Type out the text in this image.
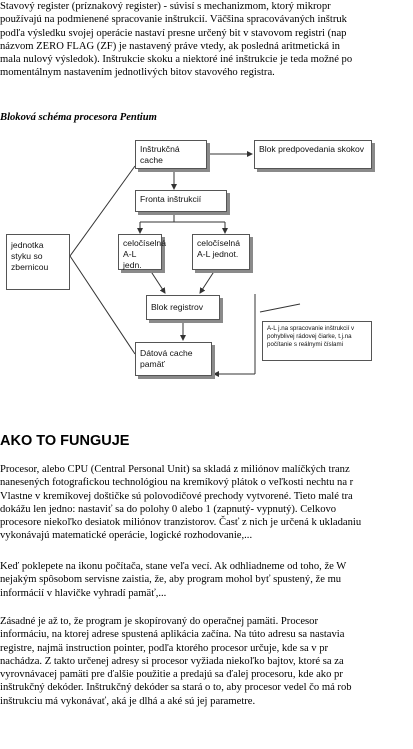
Stavový register (príznakový register) - súvisí s mechanizmom, ktorý mikropr
používajú na podmienené spracovanie inštrukcií. Väčšina spracovávaných inštruk
podľa výsledku svojej operácie nastaví presne určený bit v stavovom registri (nap
názvom ZERO FLAG (ZF) je nastavený práve vtedy, ak posledná aritmetická in
mala nulový výsledok). Inštrukcie skoku a niektoré iné inštrukcie je teda možné po
momentálnym nastavením jednotlivých bitov stavového registra.
Bloková schéma procesora Pentium
Inštrukčná cache
Blok predpovedania skokov
Fronta inštrukcií
jednotka styku so zbernicou
celočíselná A-L jedn.
celočíselná A-L jednot.
Blok registrov
A-L j.na spracovanie inštrukcií v pohyblivej rádovej čiarke, t.j.na počítanie s reálnymi číslami
Dátová cache pamäť
AKO TO FUNGUJE
Procesor, alebo CPU (Central Personal Unit) sa skladá z miliónov malíčkých tranz
nanesených fotografickou technológiou na kremíkový plátok o veľkosti nechtu na r
Vlastne v kremíkovej doštičke sú polovodičové prechody vytvorené. Tieto malé tra
dokážu len jedno: nastaviť sa do polohy 0 alebo 1 (zapnutý- vypnutý). Celkovo
procesore niekoľko desiatok miliónov tranzistorov. Časť z nich je určená k ukladaniu
vykonávajú matematické operácie, logické rozhodovanie,...
Keď poklepete na ikonu počítača, stane veľa vecí. Ak odhliadneme od toho, že W
nejakým spôsobom servisne zaistia, že, aby program mohol byť spustený, že mu
informácií v hlavičke vyhradí pamäť,...
Zásadné je až to, že program je skopírovaný do operačnej pamäti. Procesor
informáciu, na ktorej adrese spustená aplikácia začína. Na túto adresu sa nastavia
registre, najmä instruction pointer, podľa ktorého procesor určuje, kde sa v pr
nachádza. Z takto určenej adresy si procesor vyžiada niekoľko bajtov, ktoré sa za
vyrovnávacej pamäti pre ďalšie použitie a predajú sa ďalej procesoru, kde ako pr
inštrukčný dekóder. Inštrukčný dekóder sa stará o to, aby procesor vedel čo má rob
inštrukciu má vykonávať, aká je dlhá a aké sú jej parametre.
